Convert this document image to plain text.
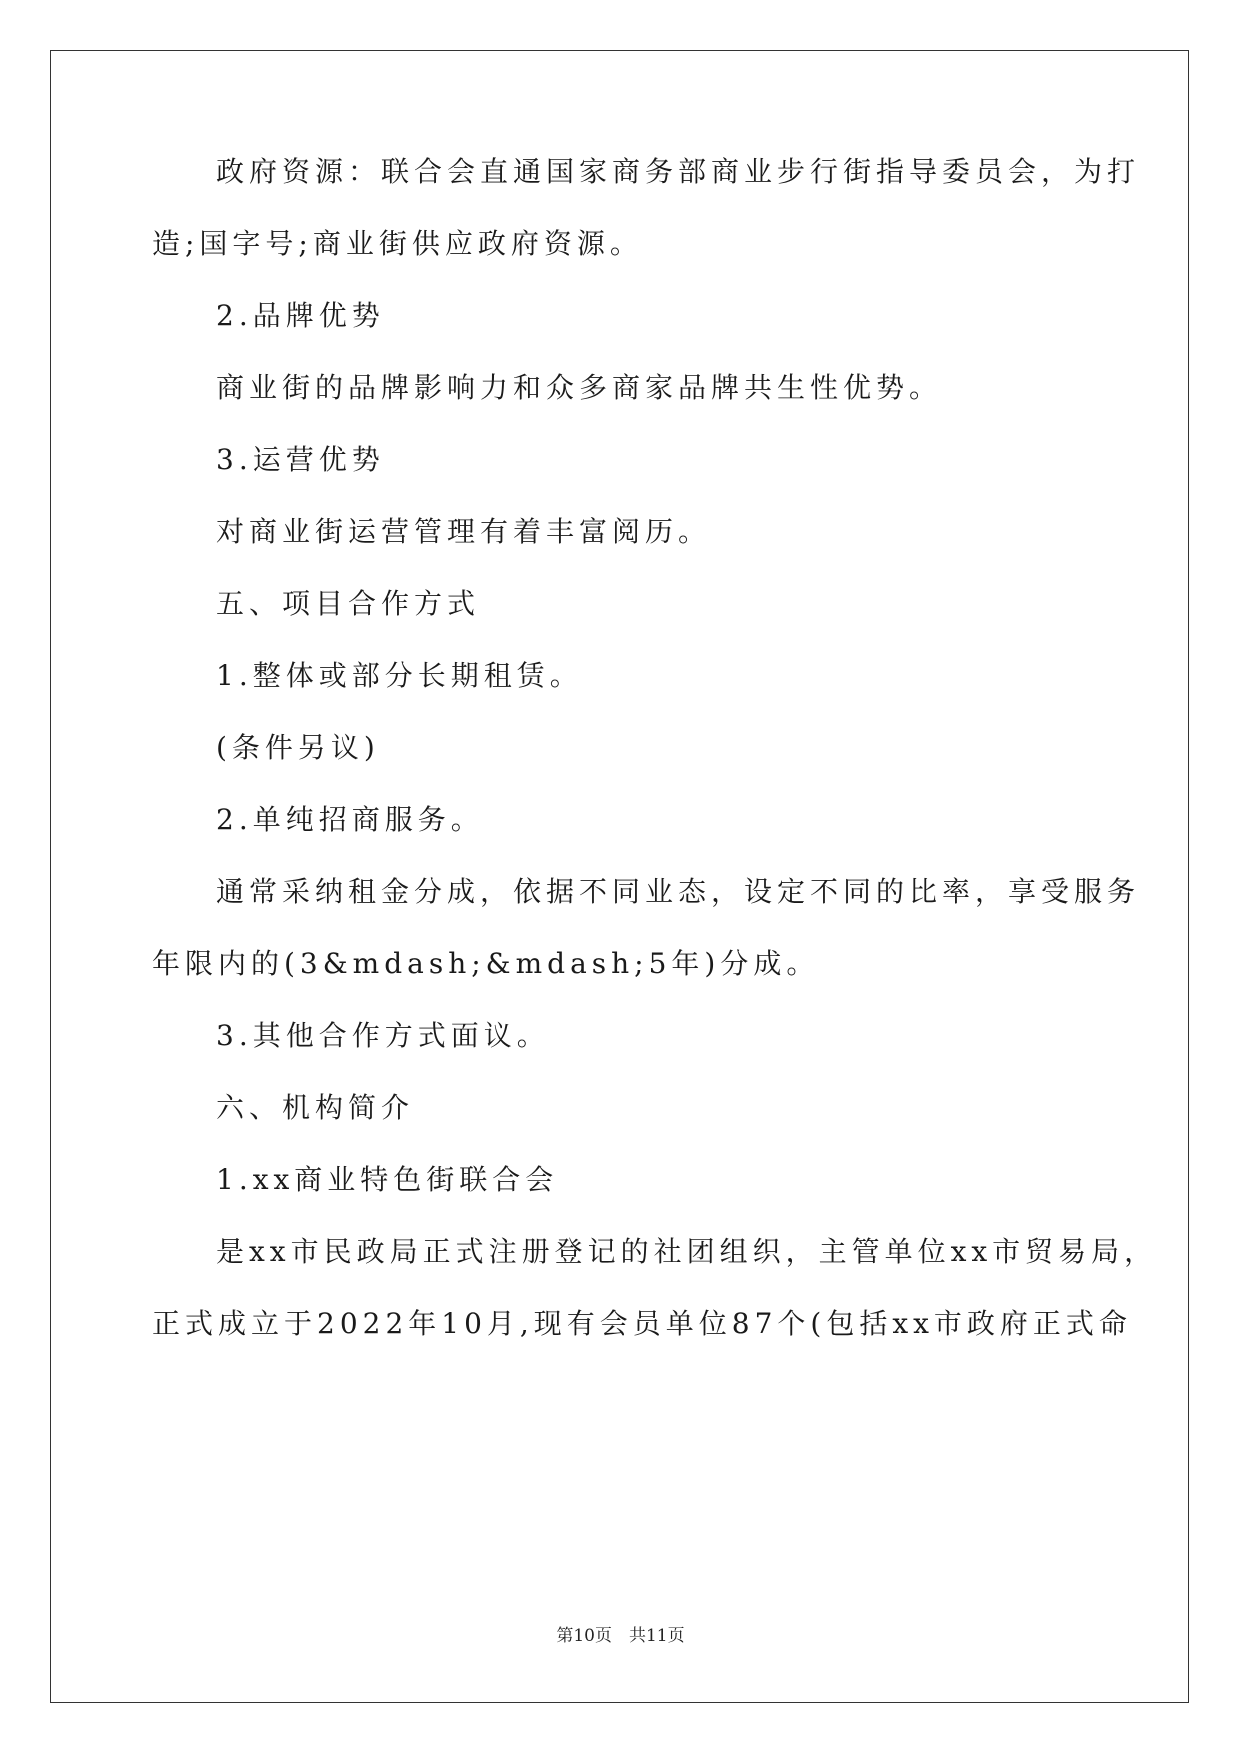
政府资源：联合会直通国家商务部商业步行街指导委员会，为打
造;国字号;商业街供应政府资源。
2.品牌优势
商业街的品牌影响力和众多商家品牌共生性优势。
3.运营优势
对商业街运营管理有着丰富阅历。
五、项目合作方式
1.整体或部分长期租赁。
(条件另议)
2.单纯招商服务。
通常采纳租金分成，依据不同业态，设定不同的比率，享受服务
年限内的(3&mdash;&mdash;5年)分成。
3.其他合作方式面议。
六、机构简介
1.xx商业特色街联合会
是xx市民政局正式注册登记的社团组织，主管单位xx市贸易局，
正式成立于2022年10月,现有会员单位87个(包括xx市政府正式命
第10页　共11页
